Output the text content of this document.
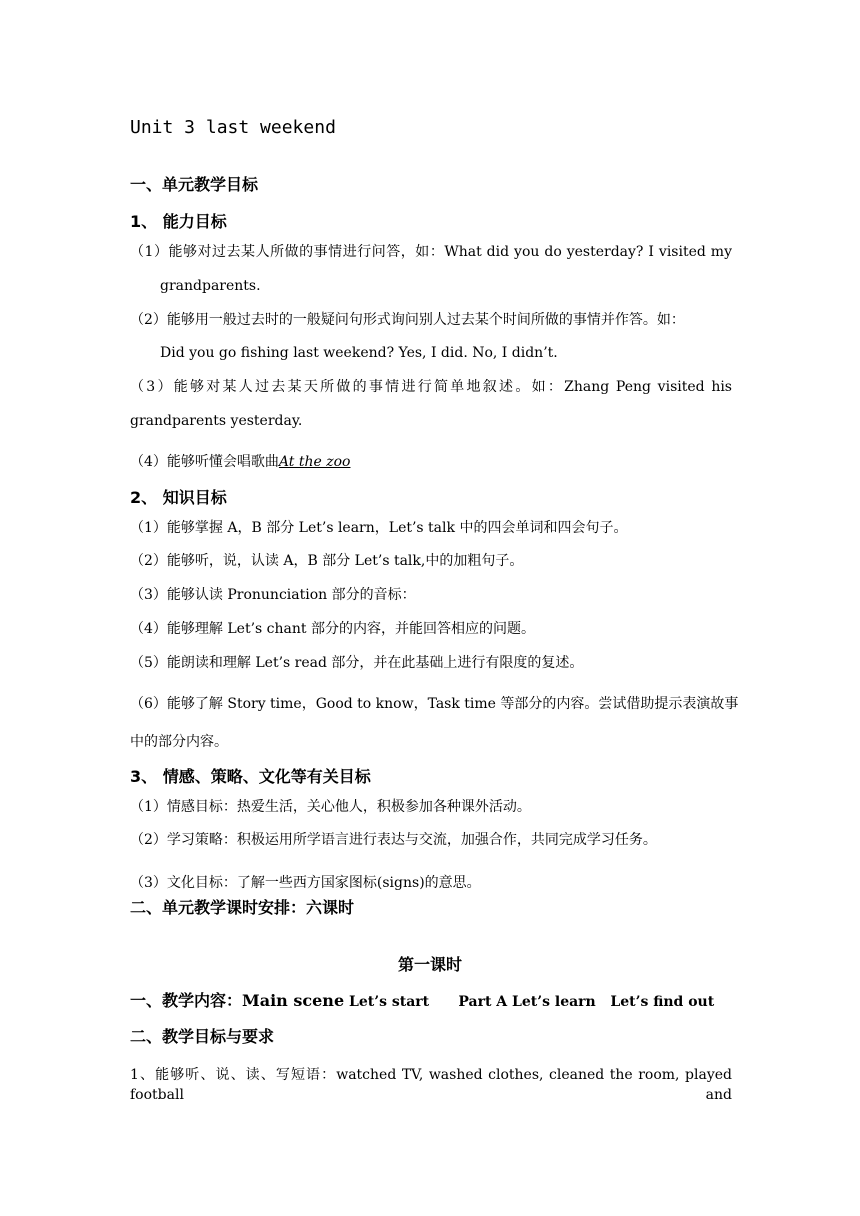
Unit 3 last weekend
一、单元教学目标
1、 能力目标
（1）能够对过去某人所做的事情进行问答，如：What did you do yesterday? I visited my
grandparents.
（2）能够用一般过去时的一般疑问句形式询问别人过去某个时间所做的事情并作答。如：
Did you go fishing last weekend? Yes, I did. No, I didn’t.
（3）能够对某人过去某天所做的事情进行简单地叙述。如：Zhang Peng visited his
grandparents yesterday.
（4）能够听懂会唱歌曲At the zoo
2、 知识目标
（1）能够掌握 A，B 部分 Let’s learn，Let’s talk 中的四会单词和四会句子。
（2）能够听，说，认读 A，B 部分 Let’s talk,中的加粗句子。
（3）能够认读 Pronunciation 部分的音标：
（4）能够理解 Let’s chant 部分的内容，并能回答相应的问题。
（5）能朗读和理解 Let’s read 部分，并在此基础上进行有限度的复述。
（6）能够了解 Story time，Good to know，Task time 等部分的内容。尝试借助提示表演故事
中的部分内容。
3、 情感、策略、文化等有关目标
（1）情感目标：热爱生活，关心他人，积极参加各种课外活动。
（2）学习策略：积极运用所学语言进行表达与交流，加强合作，共同完成学习任务。
（3）文化目标：了解一些西方国家图标(signs)的意思。
二、单元教学课时安排：六课时
第一课时
一、教学内容：Main scene Let’s start      Part A Let’s learn   Let’s find out
二、教学目标与要求
1、能够听、说、读、写短语：watched TV, washed clothes, cleaned the room, played football and
